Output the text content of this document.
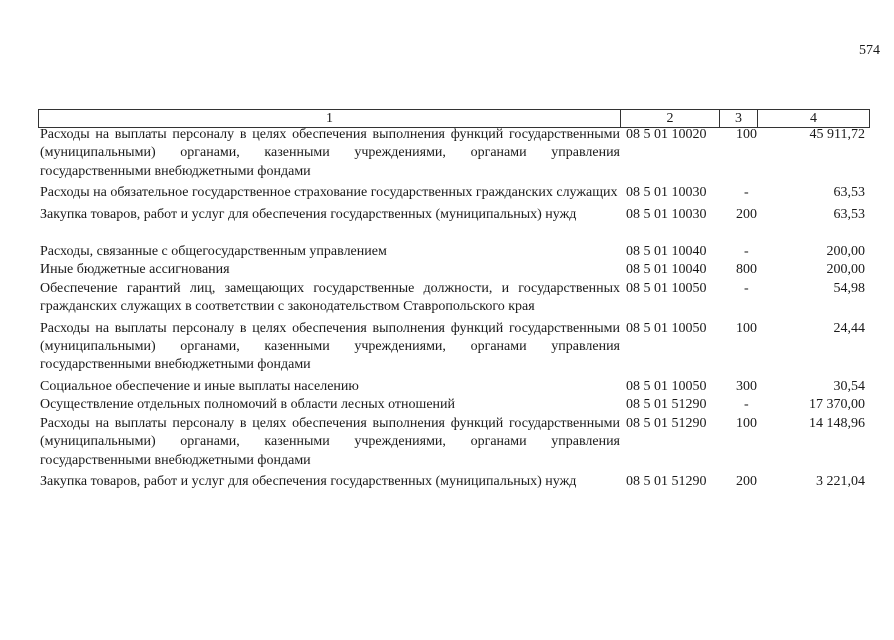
574
1	2	3	4
Расходы на выплаты персоналу в целях обеспечения выполнения функций государственными (муниципальными) органами, казенными учреждениями, органами управления государственными внебюджетными фондами
08 5 01 10020	100	45 911,72
Расходы на обязательное государственное страхование государственных гражданских служащих 08 5 01 10030	-	63,53
Закупка товаров, работ и услуг для обеспечения государственных (муниципальных) нужд	08 5 01 10030	200	63,53
Расходы, связанные с общегосударственным управлением	08 5 01 10040	-	200,00
Иные бюджетные ассигнования	08 5 01 10040	800	200,00
Обеспечение гарантий лиц, замещающих государственные должности, и государственных гражданских служащих в соответствии с законодательством Ставропольского края
08 5 01 10050	-	54,98
Расходы на выплаты персоналу в целях обеспечения выполнения функций государственными (муниципальными) органами, казенными учреждениями, органами управления государственными внебюджетными фондами
08 5 01 10050	100	24,44
Социальное обеспечение и иные выплаты населению	08 5 01 10050	300	30,54
Осуществление отдельных полномочий в области лесных отношений	08 5 01 51290	-	17 370,00
Расходы на выплаты персоналу в целях обеспечения выполнения функций государственными (муниципальными) органами, казенными учреждениями, органами управления государственными внебюджетными фондами
08 5 01 51290	100	14 148,96
Закупка товаров, работ и услуг для обеспечения государственных (муниципальных) нужд	08 5 01 51290	200	3 221,04
